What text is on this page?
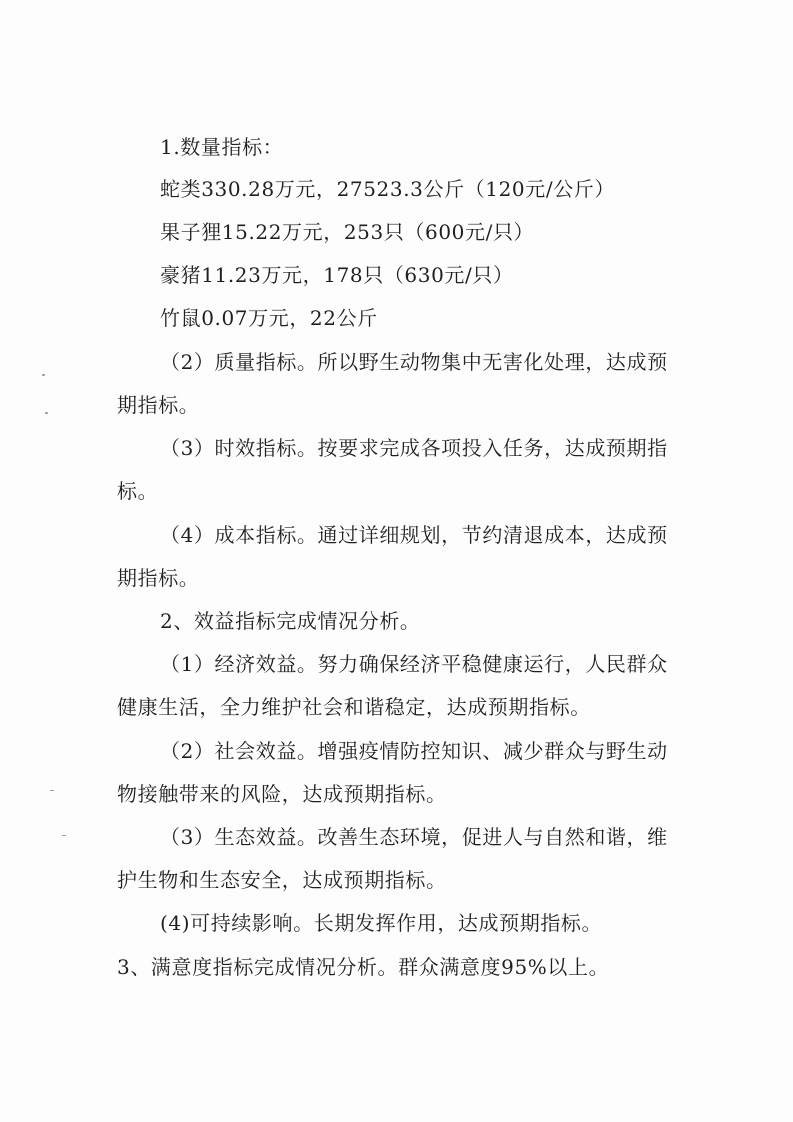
1.数量指标：
蛇类330.28万元，27523.3公斤（120元/公斤）
果子狸15.22万元，253只（600元/只）
豪猪11.23万元，178只（630元/只）
竹鼠0.07万元，22公斤
（2）质量指标。所以野生动物集中无害化处理，达成预
期指标。
（3）时效指标。按要求完成各项投入任务，达成预期指
标。
（4）成本指标。通过详细规划，节约清退成本，达成预
期指标。
2、效益指标完成情况分析。
（1）经济效益。努力确保经济平稳健康运行，人民群众
健康生活，全力维护社会和谐稳定，达成预期指标。
（2）社会效益。增强疫情防控知识、减少群众与野生动
物接触带来的风险，达成预期指标。
（3）生态效益。改善生态环境，促进人与自然和谐，维
护生物和生态安全，达成预期指标。
(4)可持续影响。长期发挥作用，达成预期指标。
3、满意度指标完成情况分析。群众满意度95%以上。
